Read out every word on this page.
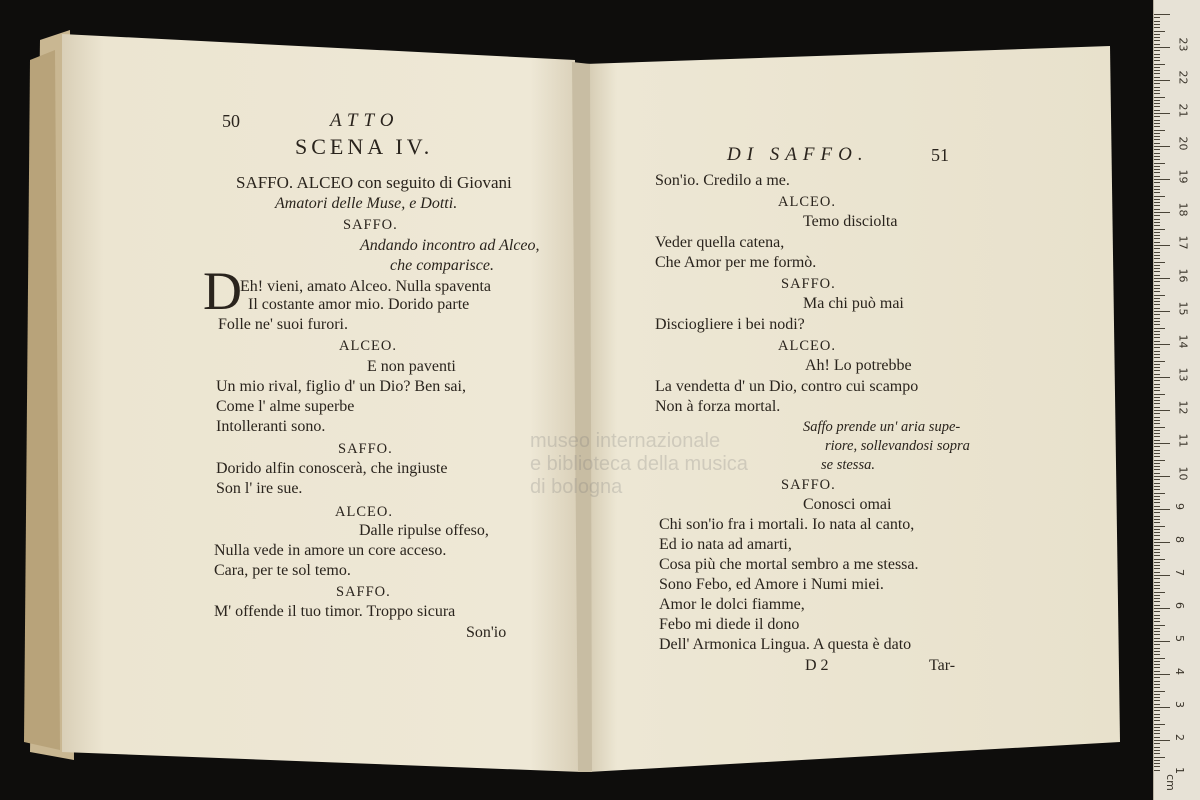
museo internazionale
e biblioteca della musica
di bologna
50	ATTO
SCENA IV.
SAFFO. ALCEO con seguito di Giovani
Amatori delle Muse, e Dotti.
SAFFO.
Andando incontro ad Alceo,
che comparisce.
D
Eh! vieni, amato Alceo. Nulla spaventa
Il costante amor mio. Dorido parte
Folle ne' suoi furori.
ALCEO.
E non paventi
Un mio rival, figlio d' un Dio? Ben sai,
Come l' alme superbe
Intolleranti sono.
SAFFO.
Dorido alfin conoscerà, che ingiuste
Son l' ire sue.
ALCEO.
Dalle ripulse offeso,
Nulla vede in amore un core acceso.
Cara, per te sol temo.
SAFFO.
M' offende il tuo timor. Troppo sicura
Son'io
DI SAFFO.	51
Son'io. Credilo a me.
ALCEO.
Temo disciolta
Veder quella catena,
Che Amor per me formò.
SAFFO.
Ma chi può mai
Disciogliere i bei nodi?
ALCEO.
Ah! Lo potrebbe
La vendetta d' un Dio, contro cui scampo
Non à forza mortal.
Saffo prende un' aria supe-
riore, sollevandosi sopra
se stessa.
SAFFO.
Conosci omai
Chi son'io fra i mortali. Io nata al canto,
Ed io nata ad amarti,
Cosa più che mortal sembro a me stessa.
Sono Febo, ed Amore i Numi miei.
Amor le dolci fiamme,
Febo mi diede il dono
Dell' Armonica Lingua. A questa è dato
D 2	Tar-
23
22
21
20
19
18
17
16
15
14
13
12
11
10
9
8
7
6
5
4
3
2
1
cm
